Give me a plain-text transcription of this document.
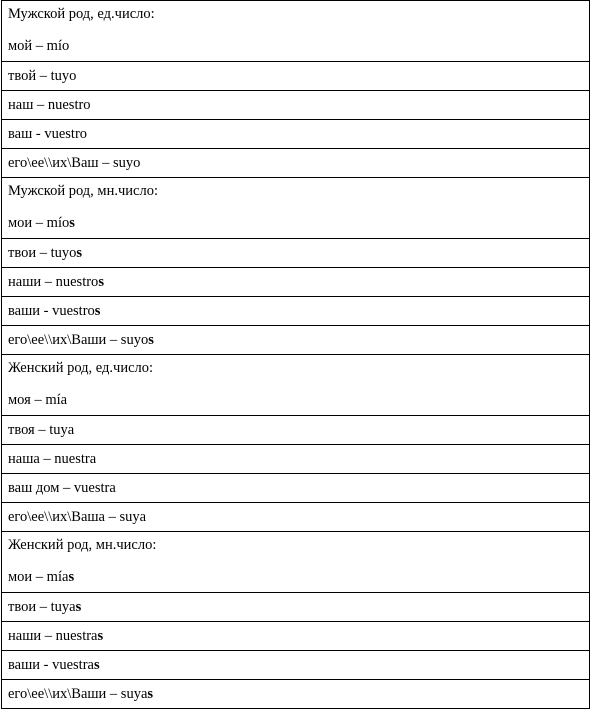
Мужской род, ед.число:
мой – mío
твой – tuyo
наш – nuestro
ваш - vuestro
его\ее\\их\Ваш – suyo

Мужской род, мн.число:
мои – míos
твои – tuyos
наши – nuestros
ваши - vuestros
его\ее\\их\Ваши – suyos

Женский род, ед.число:
моя – mía
твоя – tuya
наша – nuestra
ваш дом – vuestra
его\ее\\их\Ваша – suya

Женский род, мн.число:
мои – mías
твои – tuyas
наши – nuestras
ваши - vuestras
его\ее\\их\Ваши – suyas
